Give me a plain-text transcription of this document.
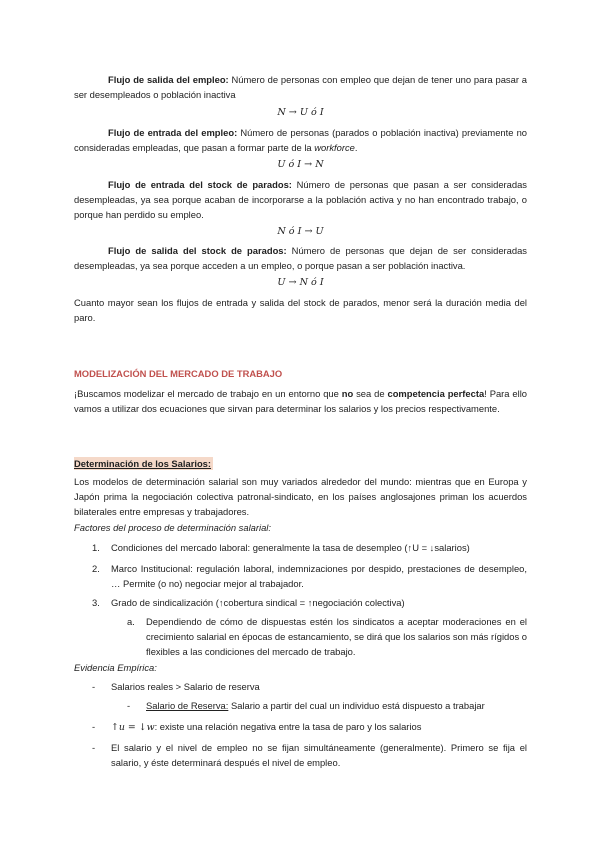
Flujo de salida del empleo: Número de personas con empleo que dejan de tener uno para pasar a ser desempleados o población inactiva

N → U ó I

Flujo de entrada del empleo: Número de personas (parados o población inactiva) previamente no consideradas empleadas, que pasan a formar parte de la workforce.

U ó I → N

Flujo de entrada del stock de parados: Número de personas que pasan a ser consideradas desempleadas, ya sea porque acaban de incorporarse a la población activa y no han encontrado trabajo, o porque han perdido su empleo.

N ó I → U

Flujo de salida del stock de parados: Número de personas que dejan de ser consideradas desempleadas, ya sea porque acceden a un empleo, o porque pasan a ser población inactiva.

U → N ó I

Cuanto mayor sean los flujos de entrada y salida del stock de parados, menor será la duración media del paro.

MODELIZACIÓN DEL MERCADO DE TRABAJO

¡Buscamos modelizar el mercado de trabajo en un entorno que no sea de competencia perfecta! Para ello vamos a utilizar dos ecuaciones que sirvan para determinar los salarios y los precios respectivamente.

Determinación de los Salarios:

Los modelos de determinación salarial son muy variados alrededor del mundo: mientras que en Europa y Japón prima la negociación colectiva patronal-sindicato, en los países anglosajones priman los acuerdos bilaterales entre empresas y trabajadores.

Factores del proceso de determinación salarial:

1. Condiciones del mercado laboral: generalmente la tasa de desempleo (↑U = ↓salarios)

2. Marco Institucional: regulación laboral, indemnizaciones por despido, prestaciones de desempleo, … Permite (o no) negociar mejor al trabajador.

3. Grado de sindicalización (↑cobertura sindical = ↑negociación colectiva)

a. Dependiendo de cómo de dispuestas estén los sindicatos a aceptar moderaciones en el crecimiento salarial en épocas de estancamiento, se dirá que los salarios son más rígidos o flexibles a las condiciones del mercado de trabajo.

Evidencia Empírica:

- Salarios reales > Salario de reserva

- Salario de Reserva: Salario a partir del cual un individuo está dispuesto a trabajar

- ↑u = ↓w: existe una relación negativa entre la tasa de paro y los salarios

- El salario y el nivel de empleo no se fijan simultáneamente (generalmente). Primero se fija el salario, y éste determinará después el nivel de empleo.
